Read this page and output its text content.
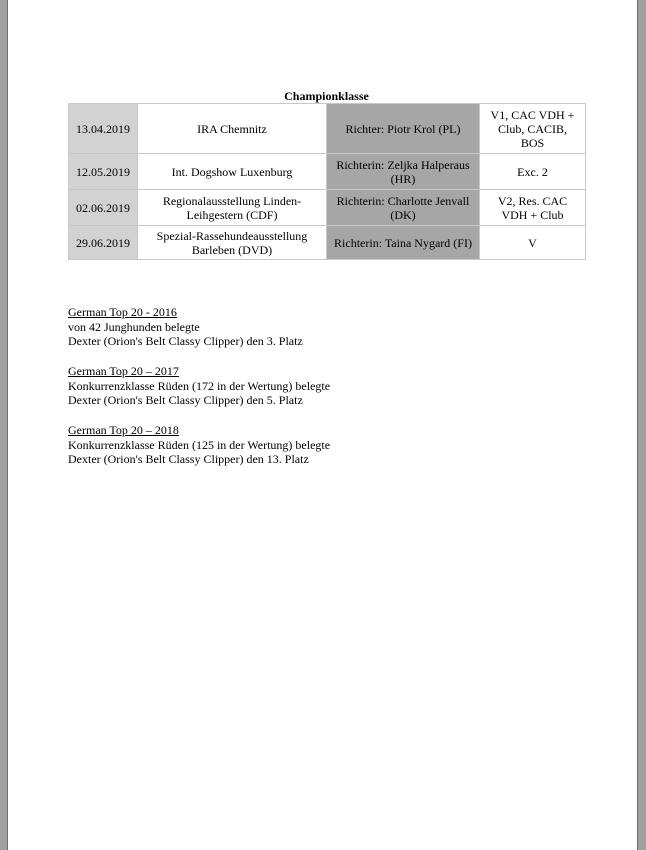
Championklasse
13.04.2019	IRA Chemnitz	Richter: Piotr Krol (PL)	V1, CAC VDH +
Club, CACIB,
BOS

12.05.2019	Int. Dogshow Luxenburg	Richterin: Zeljka Halperaus (HR)	Exc. 2

02.06.2019	Regionalausstellung Linden-Leihgestern (CDF)	Richterin: Charlotte Jenvall (DK)	V2, Res. CAC
VDH + Club

29.06.2019	Spezial-Rassehundeausstellung Barleben (DVD)	Richterin: Taina Nygard (FI)	V
German Top 20 - 2016
von 42 Junghunden belegte
Dexter (Orion's Belt Classy Clipper) den 3. Platz
German Top 20 – 2017
Konkurrenzklasse Rüden (172 in der Wertung) belegte
Dexter (Orion's Belt Classy Clipper) den 5. Platz
German Top 20 – 2018
Konkurrenzklasse Rüden (125 in der Wertung) belegte
Dexter (Orion's Belt Classy Clipper) den 13. Platz
